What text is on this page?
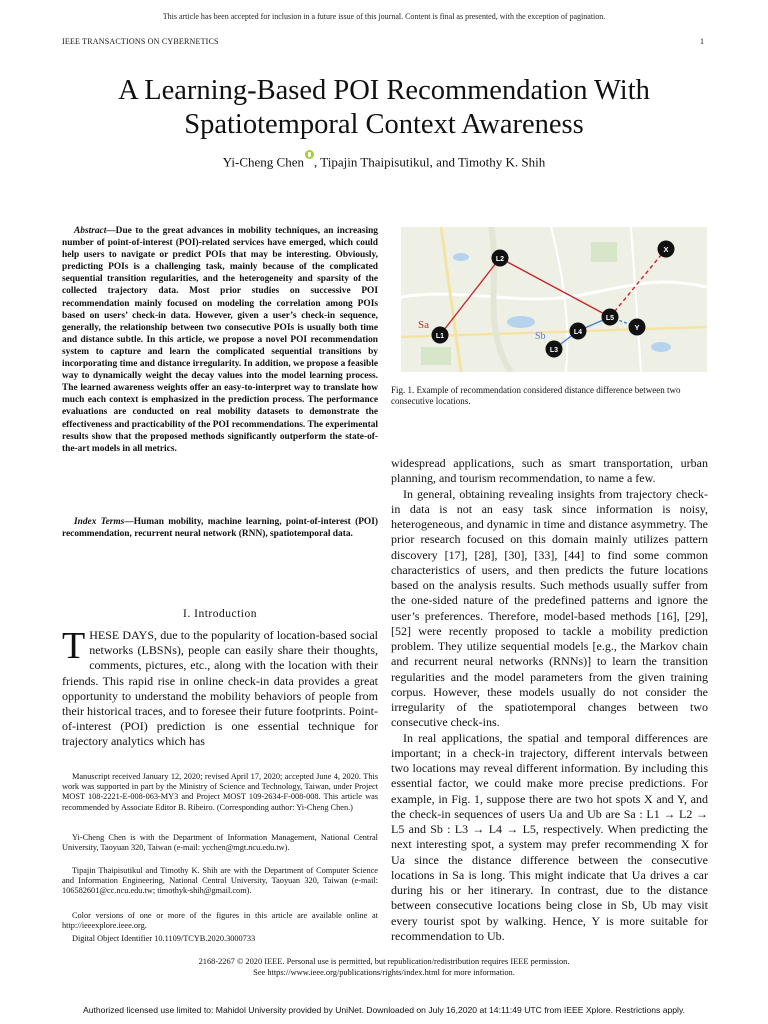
This article has been accepted for inclusion in a future issue of this journal. Content is final as presented, with the exception of pagination.
IEEE TRANSACTIONS ON CYBERNETICS	1
A Learning-Based POI Recommendation With Spatiotemporal Context Awareness
Yi-Cheng Chen , Tipajin Thaipisutikul, and Timothy K. Shih
Abstract—Due to the great advances in mobility techniques, an increasing number of point-of-interest (POI)-related services have emerged, which could help users to navigate or predict POIs that may be interesting. Obviously, predicting POIs is a challenging task, mainly because of the complicated sequential transition regularities, and the heterogeneity and sparsity of the collected trajectory data. Most prior studies on successive POI recommendation mainly focused on modeling the correlation among POIs based on users’ check-in data. However, given a user’s check-in sequence, generally, the relationship between two consecutive POIs is usually both time and distance subtle. In this article, we propose a novel POI recommendation system to capture and learn the complicated sequential transitions by incorporating time and distance irregularity. In addition, we propose a feasible way to dynamically weight the decay values into the model learning process. The learned awareness weights offer an easy-to-interpret way to translate how much each context is emphasized in the prediction process. The performance evaluations are conducted on real mobility datasets to demonstrate the effectiveness and practicability of the POI recommendations. The experimental results show that the proposed methods significantly outperform the state-of-the-art models in all metrics.
Index Terms—Human mobility, machine learning, point-of-interest (POI) recommendation, recurrent neural network (RNN), spatiotemporal data.
I. Introduction
THESE DAYS, due to the popularity of location-based social networks (LBSNs), people can easily share their thoughts, comments, pictures, etc., along with the location with their friends. This rapid rise in online check-in data provides a great opportunity to understand the mobility behaviors of people from their historical traces, and to foresee their future footprints. Point-of-interest (POI) prediction is one essential technique for trajectory analytics which has
Manuscript received January 12, 2020; revised April 17, 2020; accepted June 4, 2020. This work was supported in part by the Ministry of Science and Technology, Taiwan, under Project MOST 108-2221-E-008-063-MY3 and Project MOST 109-2634-F-008-008. This article was recommended by Associate Editor B. Ribeiro. (Corresponding author: Yi-Cheng Chen.)
Yi-Cheng Chen is with the Department of Information Management, National Central University, Taoyuan 320, Taiwan (e-mail: ycchen@mgt.ncu.edu.tw).
Tipajin Thaipisutikul and Timothy K. Shih are with the Department of Computer Science and Information Engineering, National Central University, Taoyuan 320, Taiwan (e-mail: 106582601@cc.ncu.edu.tw; timothyk-shih@gmail.com).
Color versions of one or more of the figures in this article are available online at http://ieeexplore.ieee.org.
Digital Object Identifier 10.1109/TCYB.2020.3000733
L1
L2
L3
L4
L5
X
Y
Sa
Sb
Fig. 1. Example of recommendation considered distance difference between two consecutive locations.

widespread applications, such as smart transportation, urban planning, and tourism recommendation, to name a few.

In general, obtaining revealing insights from trajectory check-in data is not an easy task since information is noisy, heterogeneous, and dynamic in time and distance asymmetry. The prior research focused on this domain mainly utilizes pattern discovery [17], [28], [30], [33], [44] to find some common characteristics of users, and then predicts the future locations based on the analysis results. Such methods usually suffer from the one-sided nature of the predefined patterns and ignore the user’s preferences. Therefore, model-based methods [16], [29], [52] were recently proposed to tackle a mobility prediction problem. They utilize sequential models [e.g., the Markov chain and recurrent neural networks (RNNs)] to learn the transition regularities and the model parameters from the given training corpus. However, these models usually do not consider the irregularity of the spatiotemporal changes between two consecutive check-ins.

In real applications, the spatial and temporal differences are important; in a check-in trajectory, different intervals between two locations may reveal different information. By including this essential factor, we could make more precise predictions. For example, in Fig. 1, suppose there are two hot spots X and Y, and the check-in sequences of users Ua and Ub are Sa : L1 → L2 → L5 and Sb : L3 → L4 → L5, respectively. When predicting the next interesting spot, a system may prefer recommending X for Ua since the distance difference between the consecutive locations in Sa is long. This might indicate that Ua drives a car during his or her itinerary. In contrast, due to the distance between consecutive locations being close in Sb, Ub may visit every tourist spot by walking. Hence, Y is more suitable for recommendation to Ub.

2168-2267 © 2020 IEEE. Personal use is permitted, but republication/redistribution requires IEEE permission.
See https://www.ieee.org/publications/rights/index.html for more information.
Authorized licensed use limited to: Mahidol University provided by UniNet. Downloaded on July 16,2020 at 14:11:49 UTC from IEEE Xplore. Restrictions apply.
